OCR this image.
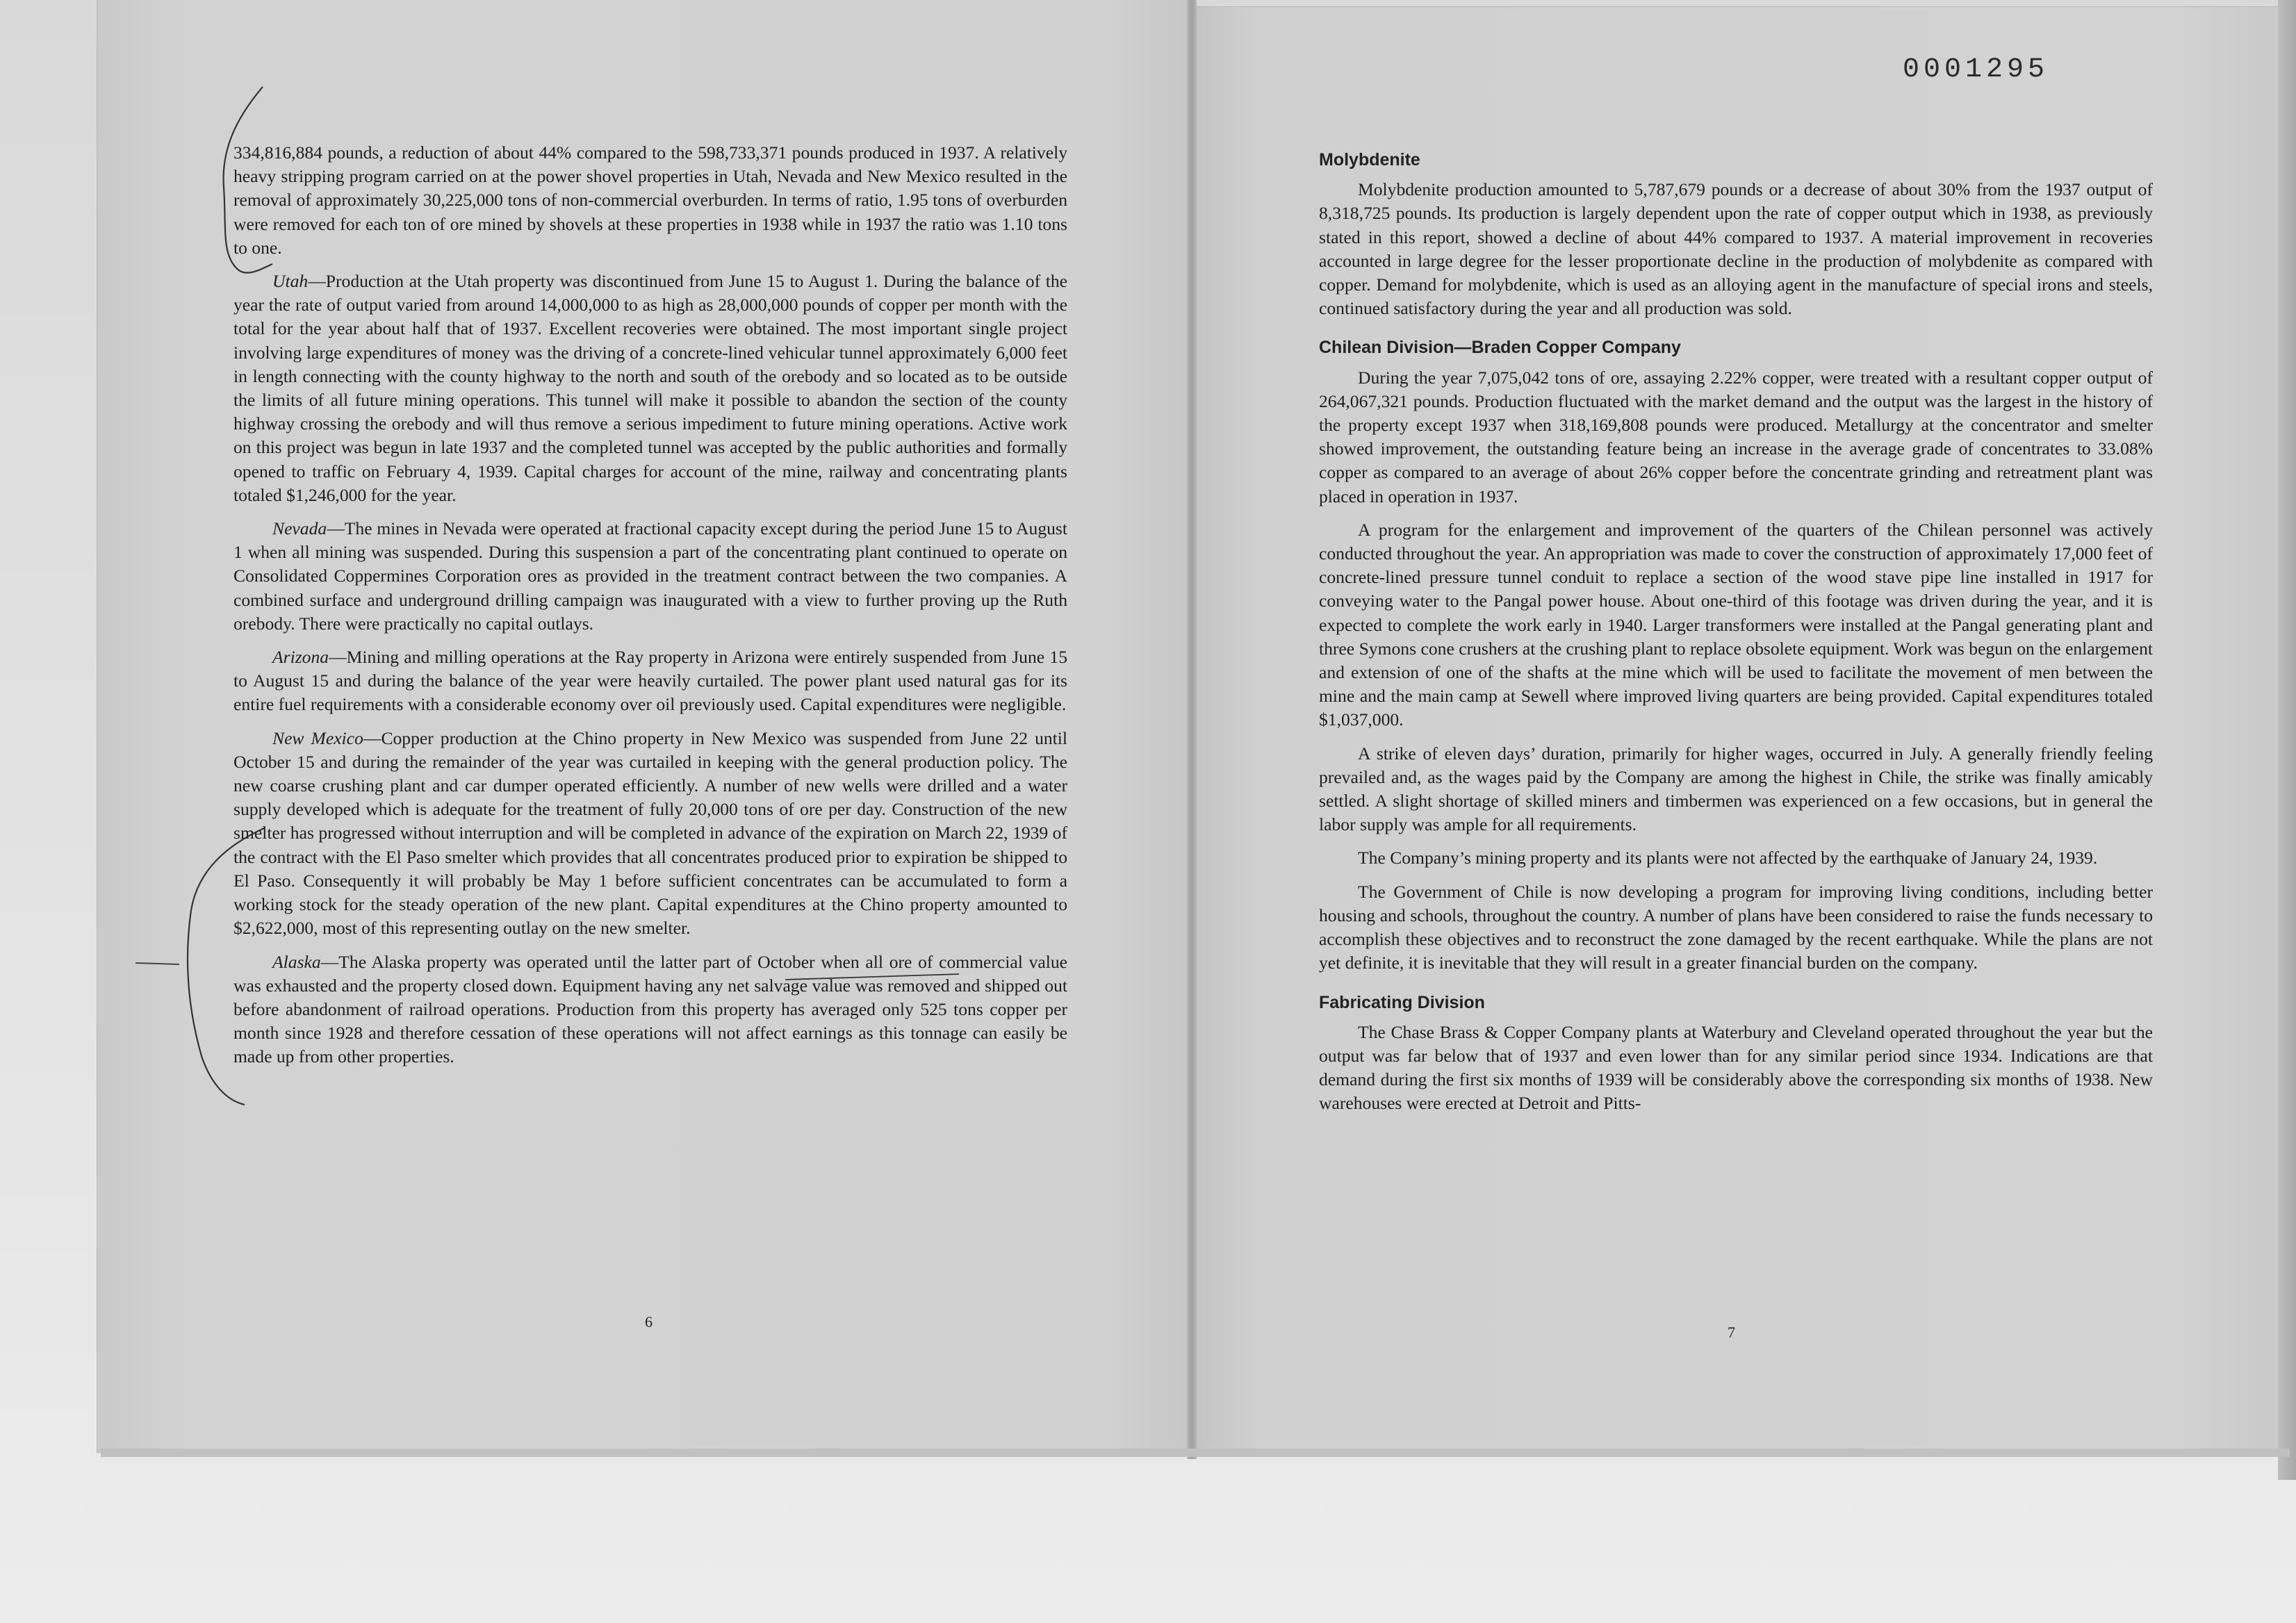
334,816,884 pounds, a reduction of about 44% compared to the 598,733,371 pounds produced in 1937. A relatively heavy stripping program carried on at the power shovel properties in Utah, Nevada and New Mexico resulted in the removal of approximately 30,225,000 tons of non-commercial overburden. In terms of ratio, 1.95 tons of overburden were removed for each ton of ore mined by shovels at these properties in 1938 while in 1937 the ratio was 1.10 tons to one.

Utah—Production at the Utah property was discontinued from June 15 to August 1. During the balance of the year the rate of output varied from around 14,000,000 to as high as 28,000,000 pounds of copper per month with the total for the year about half that of 1937. Excellent recoveries were obtained. The most important single project involving large expenditures of money was the driving of a concrete-lined vehicular tunnel approximately 6,000 feet in length connecting with the county highway to the north and south of the orebody and so located as to be outside the limits of all future mining operations. This tunnel will make it possible to abandon the section of the county highway crossing the orebody and will thus remove a serious impediment to future mining operations. Active work on this project was begun in late 1937 and the completed tunnel was accepted by the public authorities and formally opened to traffic on February 4, 1939. Capital charges for account of the mine, railway and concentrating plants totaled $1,246,000 for the year.

Nevada—The mines in Nevada were operated at fractional capacity except during the period June 15 to August 1 when all mining was suspended. During this suspension a part of the concentrating plant continued to operate on Consolidated Coppermines Corporation ores as provided in the treatment contract between the two companies. A combined surface and underground drilling campaign was inaugurated with a view to further proving up the Ruth orebody. There were practically no capital outlays.

Arizona—Mining and milling operations at the Ray property in Arizona were entirely suspended from June 15 to August 15 and during the balance of the year were heavily curtailed. The power plant used natural gas for its entire fuel requirements with a considerable economy over oil previously used. Capital expenditures were negligible.

New Mexico—Copper production at the Chino property in New Mexico was suspended from June 22 until October 15 and during the remainder of the year was curtailed in keeping with the general production policy. The new coarse crushing plant and car dumper operated efficiently. A number of new wells were drilled and a water supply developed which is adequate for the treatment of fully 20,000 tons of ore per day. Construction of the new smelter has progressed without interruption and will be completed in advance of the expiration on March 22, 1939 of the contract with the El Paso smelter which provides that all concentrates produced prior to expiration be shipped to El Paso. Consequently it will probably be May 1 before sufficient concentrates can be accumulated to form a working stock for the steady operation of the new plant. Capital expenditures at the Chino property amounted to $2,622,000, most of this representing outlay on the new smelter.

Alaska—The Alaska property was operated until the latter part of October when all ore of commercial value was exhausted and the property closed down. Equipment having any net salvage value was removed and shipped out before abandonment of railroad operations. Production from this property has averaged only 525 tons copper per month since 1928 and therefore cessation of these operations will not affect earnings as this tonnage can easily be made up from other properties.

6
0001295
Molybdenite

Molybdenite production amounted to 5,787,679 pounds or a decrease of about 30% from the 1937 output of 8,318,725 pounds. Its production is largely dependent upon the rate of copper output which in 1938, as previously stated in this report, showed a decline of about 44% compared to 1937. A material improvement in recoveries accounted in large degree for the lesser proportionate decline in the production of molybdenite as compared with copper. Demand for molybdenite, which is used as an alloying agent in the manufacture of special irons and steels, continued satisfactory during the year and all production was sold.

Chilean Division—Braden Copper Company

During the year 7,075,042 tons of ore, assaying 2.22% copper, were treated with a resultant copper output of 264,067,321 pounds. Production fluctuated with the market demand and the output was the largest in the history of the property except 1937 when 318,169,808 pounds were produced. Metallurgy at the concentrator and smelter showed improvement, the outstanding feature being an increase in the average grade of concentrates to 33.08% copper as compared to an average of about 26% copper before the concentrate grinding and retreatment plant was placed in operation in 1937.

A program for the enlargement and improvement of the quarters of the Chilean personnel was actively conducted throughout the year. An appropriation was made to cover the construction of approximately 17,000 feet of concrete-lined pressure tunnel conduit to replace a section of the wood stave pipe line installed in 1917 for conveying water to the Pangal power house. About one-third of this footage was driven during the year, and it is expected to complete the work early in 1940. Larger transformers were installed at the Pangal generating plant and three Symons cone crushers at the crushing plant to replace obsolete equipment. Work was begun on the enlargement and extension of one of the shafts at the mine which will be used to facilitate the movement of men between the mine and the main camp at Sewell where improved living quarters are being provided. Capital expenditures totaled $1,037,000.

A strike of eleven days’ duration, primarily for higher wages, occurred in July. A generally friendly feeling prevailed and, as the wages paid by the Company are among the highest in Chile, the strike was finally amicably settled. A slight shortage of skilled miners and timbermen was experienced on a few occasions, but in general the labor supply was ample for all requirements.

The Company’s mining property and its plants were not affected by the earthquake of January 24, 1939.

The Government of Chile is now developing a program for improving living conditions, including better housing and schools, throughout the country. A number of plans have been considered to raise the funds necessary to accomplish these objectives and to reconstruct the zone damaged by the recent earthquake. While the plans are not yet definite, it is inevitable that they will result in a greater financial burden on the company.

Fabricating Division

The Chase Brass & Copper Company plants at Waterbury and Cleveland operated throughout the year but the output was far below that of 1937 and even lower than for any similar period since 1934. Indications are that demand during the first six months of 1939 will be considerably above the corresponding six months of 1938. New warehouses were erected at Detroit and Pitts-

7
